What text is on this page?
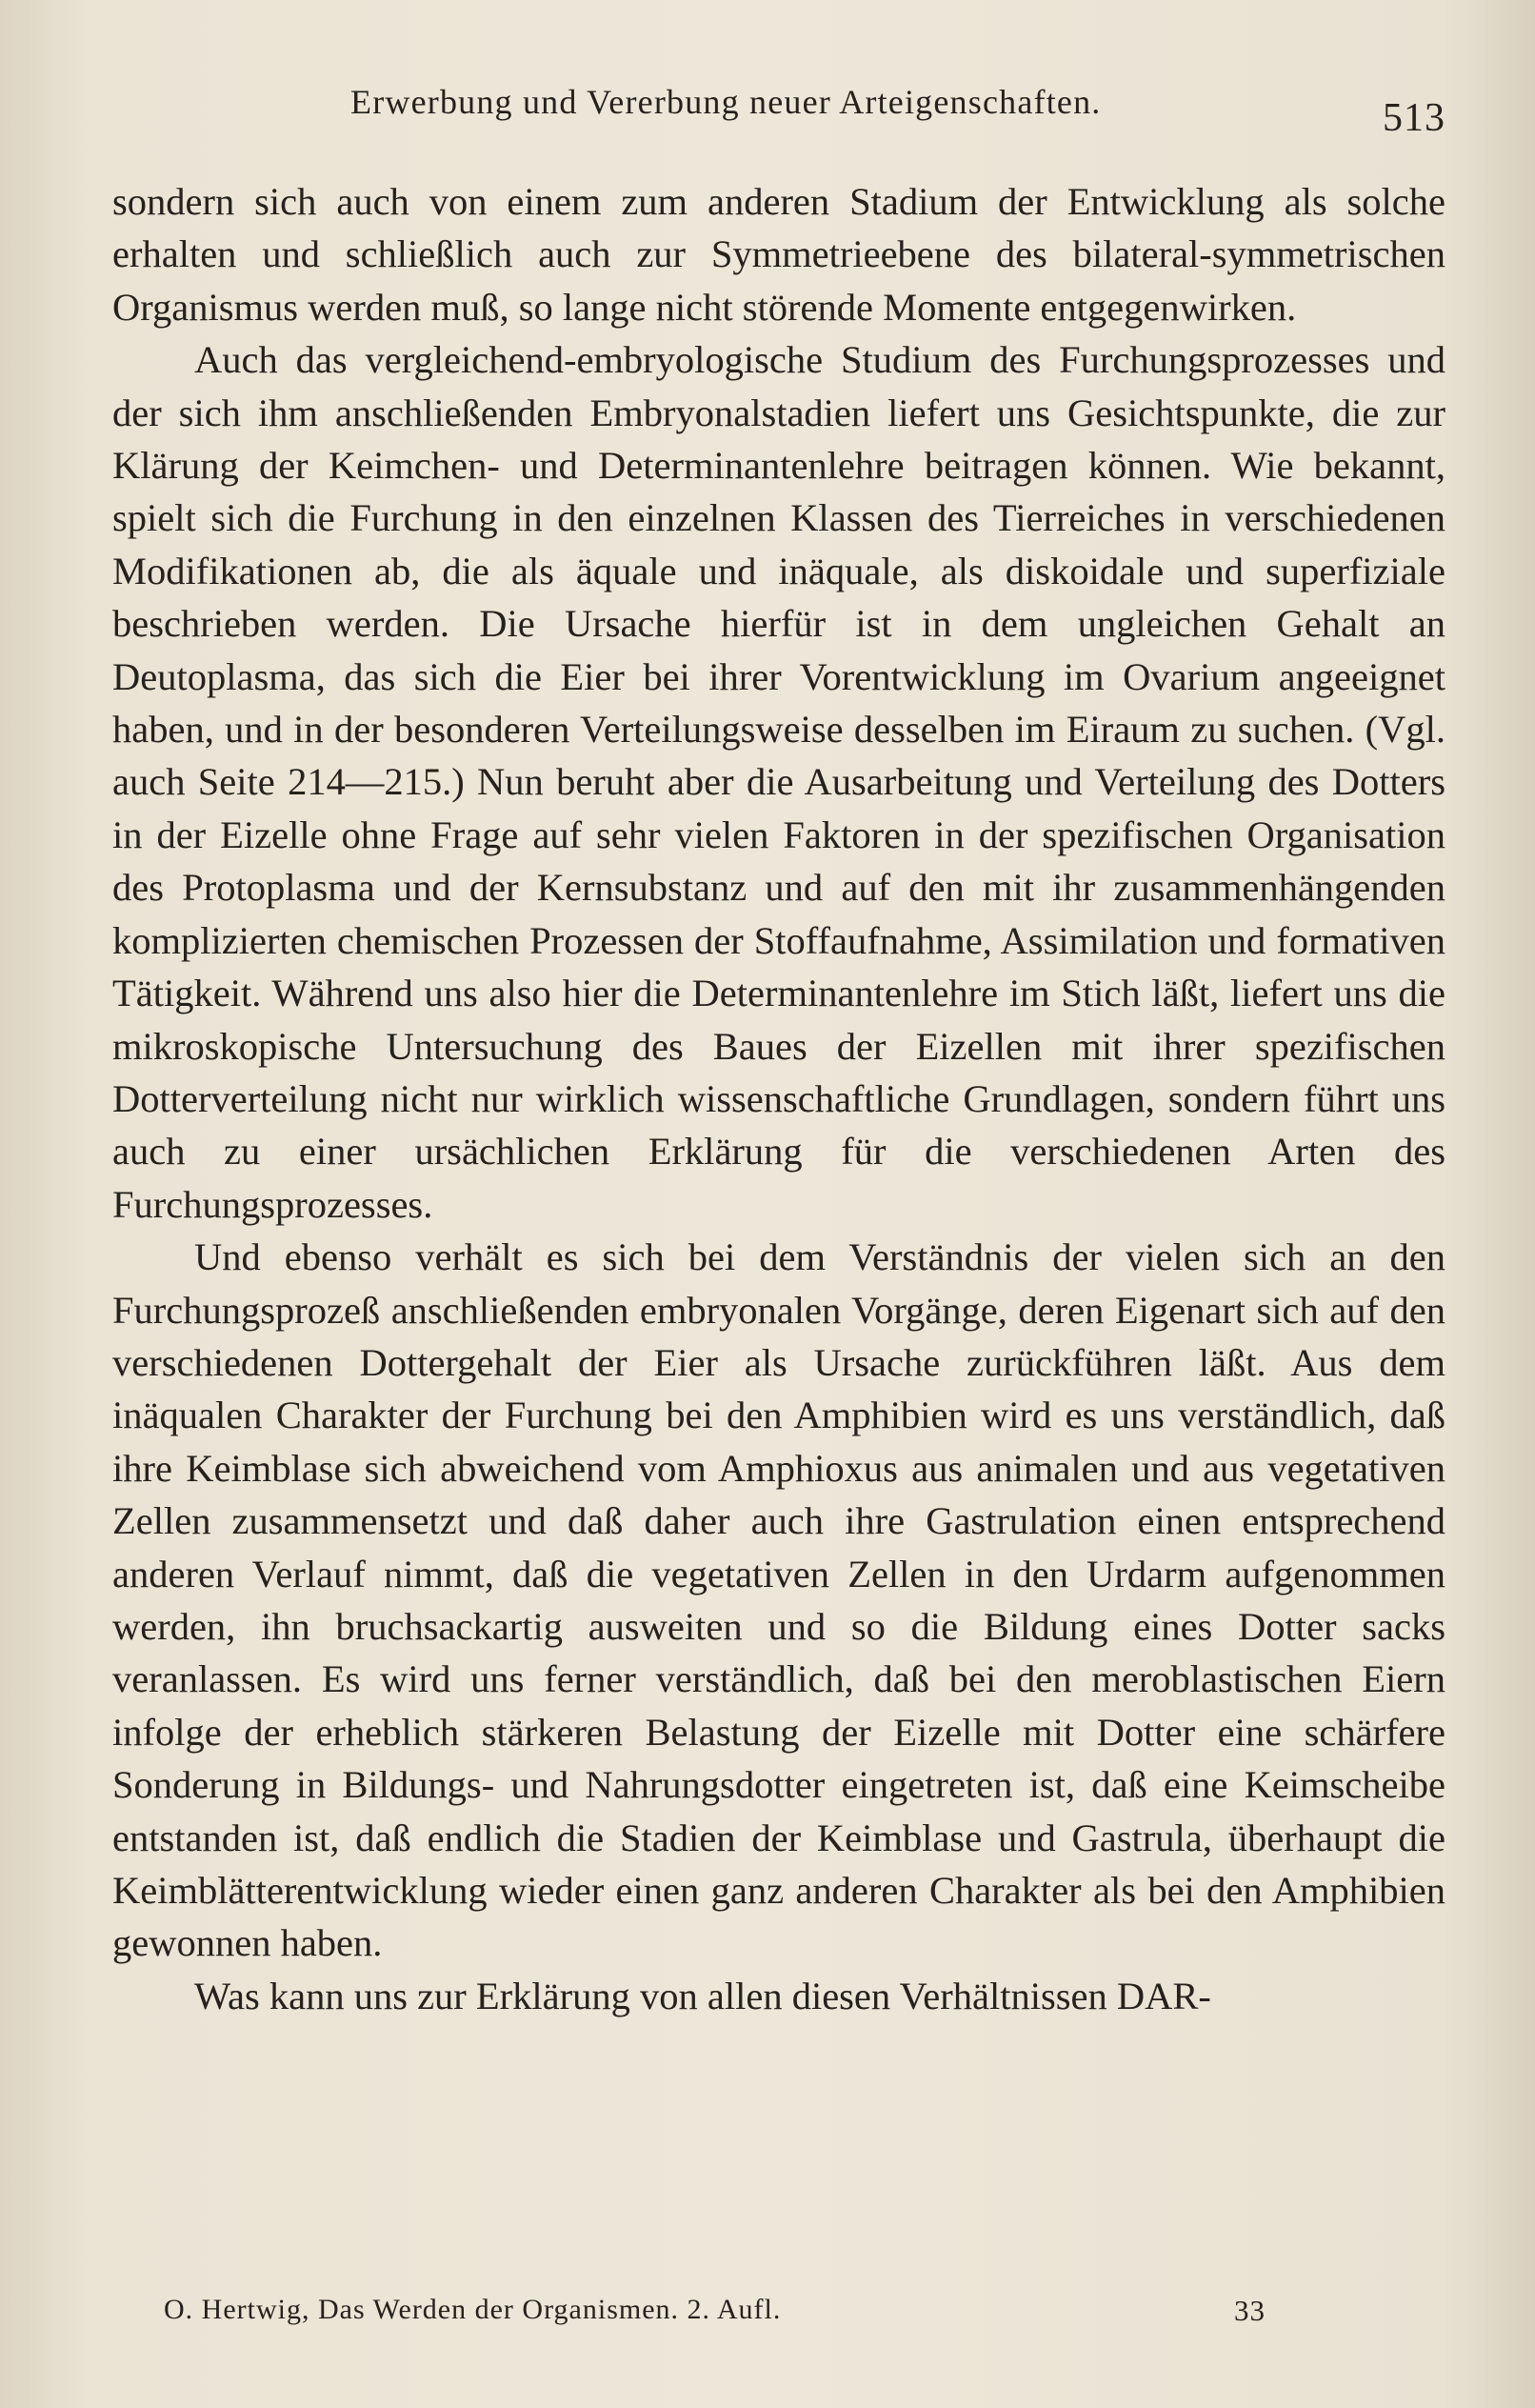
Erwerbung und Vererbung neuer Arteigenschaften.	513

sondern sich auch von einem zum anderen Stadium der Entwicklung als solche erhalten und schließlich auch zur Symmetrieebene des bilateral-symmetrischen Organismus werden muß, so lange nicht störende Momente entgegenwirken.

Auch das vergleichend-embryologische Studium des Furchungsprozesses und der sich ihm anschließenden Embryonalstadien liefert uns Gesichtspunkte, die zur Klärung der Keimchen- und Determinantenlehre beitragen können. Wie bekannt, spielt sich die Furchung in den einzelnen Klassen des Tierreiches in verschiedenen Modifikationen ab, die als äquale und inäquale, als diskoidale und superfiziale beschrieben werden. Die Ursache hierfür ist in dem ungleichen Gehalt an Deutoplasma, das sich die Eier bei ihrer Vorentwicklung im Ovarium angeeignet haben, und in der besonderen Verteilungsweise desselben im Eiraum zu suchen. (Vgl. auch Seite 214—215.) Nun beruht aber die Ausarbeitung und Verteilung des Dotters in der Eizelle ohne Frage auf sehr vielen Faktoren in der spezifischen Organisation des Protoplasma und der Kernsubstanz und auf den mit ihr zusammenhängenden komplizierten chemischen Prozessen der Stoffaufnahme, Assimilation und formativen Tätigkeit. Während uns also hier die Determinantenlehre im Stich läßt, liefert uns die mikroskopische Untersuchung des Baues der Eizellen mit ihrer spezifischen Dotterverteilung nicht nur wirklich wissenschaftliche Grundlagen, sondern führt uns auch zu einer ursächlichen Erklärung für die verschiedenen Arten des Furchungsprozesses.

Und ebenso verhält es sich bei dem Verständnis der vielen sich an den Furchungsprozeß anschließenden embryonalen Vorgänge, deren Eigenart sich auf den verschiedenen Dottergehalt der Eier als Ursache zurückführen läßt. Aus dem inäqualen Charakter der Furchung bei den Amphibien wird es uns verständlich, daß ihre Keimblase sich abweichend vom Amphioxus aus animalen und aus vegetativen Zellen zusammensetzt und daß daher auch ihre Gastrulation einen entsprechend anderen Verlauf nimmt, daß die vegetativen Zellen in den Urdarm aufgenommen werden, ihn bruchsackartig ausweiten und so die Bildung eines Dotter sacks veranlassen. Es wird uns ferner verständlich, daß bei den meroblastischen Eiern infolge der erheblich stärkeren Belastung der Eizelle mit Dotter eine schärfere Sonderung in Bildungs- und Nahrungsdotter eingetreten ist, daß eine Keimscheibe entstanden ist, daß endlich die Stadien der Keimblase und Gastrula, überhaupt die Keimblätterentwicklung wieder einen ganz anderen Charakter als bei den Amphibien gewonnen haben.

Was kann uns zur Erklärung von allen diesen Verhältnissen DAR-

O. Hertwig, Das Werden der Organismen. 2. Aufl.	33
